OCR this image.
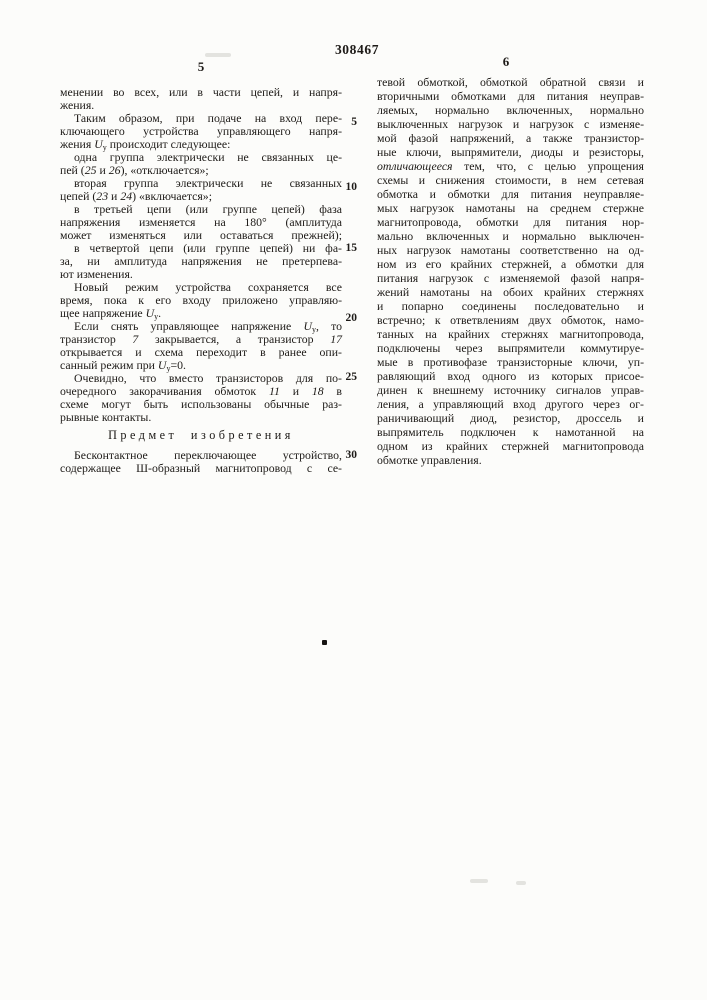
308467
5	6
менении во всех, или в части цепей, и напря-
жения.
Таким образом, при подаче на вход пере-
ключающего устройства управляющего напря-
жения $U_у$ происходит следующее:
одна группа электрически не связанных це-
пей (25 и 26), «отключается»;
вторая группа электрически не связанных
цепей (23 и 24) «включается»;
в третьей цепи (или группе цепей) фаза
напряжения изменяется на 180° (амплитуда
может изменяться или оставаться прежней);
в четвертой цепи (или группе цепей) ни фа-
за, ни амплитуда напряжения не претерпева-
ют изменения.
Новый режим устройства сохраняется все
время, пока к его входу приложено управляю-
щее напряжение $U_у$.
Если снять управляющее напряжение $U_у$, то
транзистор 7 закрывается, а транзистор 17
открывается и схема переходит в ранее опи-
санный режим при $U_у=0$.
Очевидно, что вместо транзисторов для по-
очередного закорачивания обмоток 11 и 18 в
схеме могут быть использованы обычные раз-
рывные контакты.
Предмет изобретения
Бесконтактное переключающее устройство,
содержащее Ш-образный магнитопровод с се-
5
10
15
20
25
30
тевой обмоткой, обмоткой обратной связи и
вторичными обмотками для питания неуправ-
ляемых, нормально включенных, нормально
выключенных нагрузок и нагрузок с изменяе-
мой фазой напряжений, а также транзистор-
ные ключи, выпрямители, диоды и резисторы,
отличающееся тем, что, с целью упрощения
схемы и снижения стоимости, в нем сетевая
обмотка и обмотки для питания неуправляе-
мых нагрузок намотаны на среднем стержне
магнитопровода, обмотки для питания нор-
мально включенных и нормально выключен-
ных нагрузок намотаны соответственно на од-
ном из его крайних стержней, а обмотки для
питания нагрузок с изменяемой фазой напря-
жений намотаны на обоих крайних стержнях
и попарно соединены последовательно и
встречно; к ответвлениям двух обмоток, намо-
танных на крайних стержнях магнитопровода,
подключены через выпрямители коммутируе-
мые в противофазе транзисторные ключи, уп-
равляющий вход одного из которых присое-
динен к внешнему источнику сигналов управ-
ления, а управляющий вход другого через ог-
раничивающий диод, резистор, дроссель и
выпрямитель подключен к намотанной на
одном из крайних стержней магнитопровода
обмотке управления.
